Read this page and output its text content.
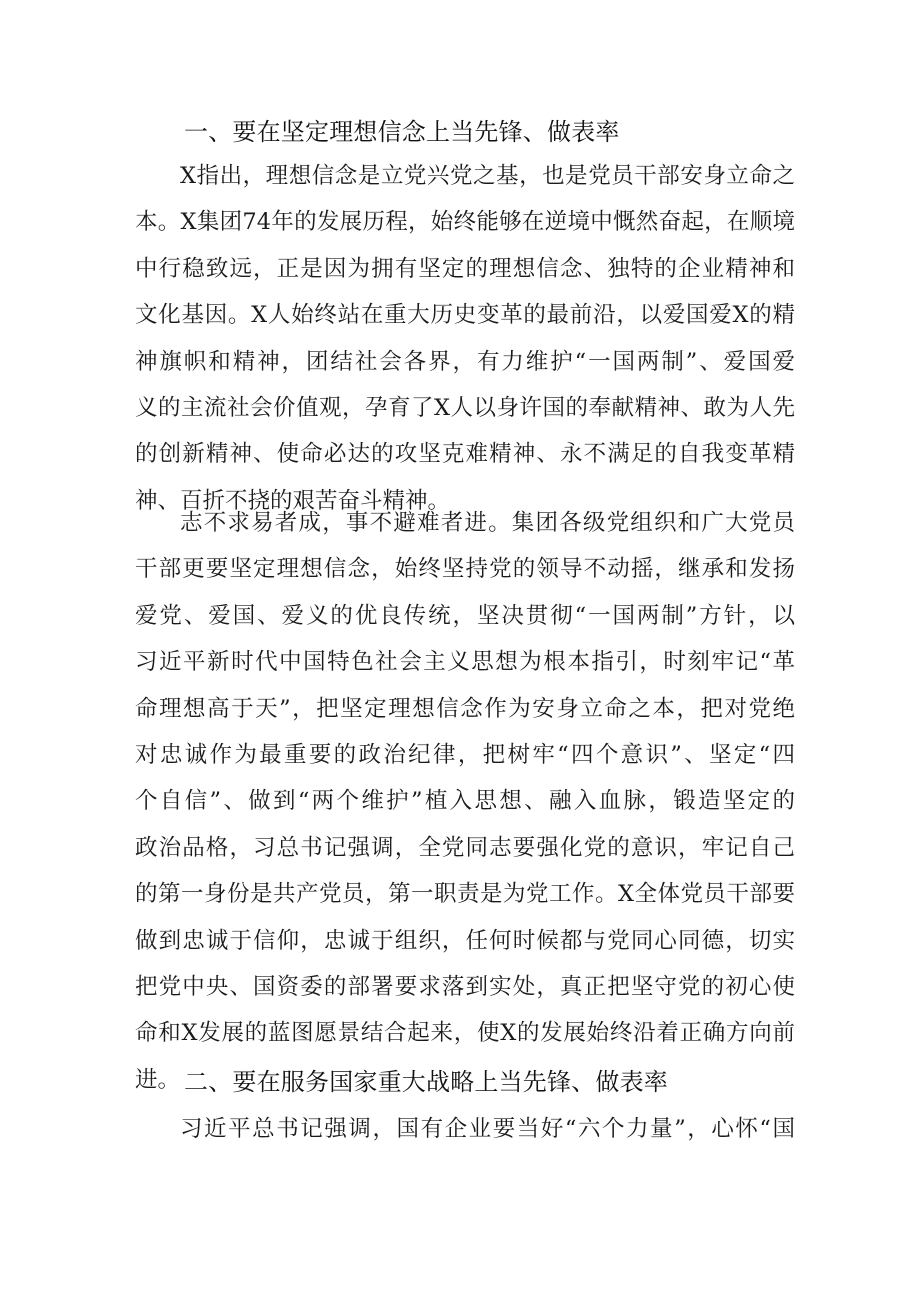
一、要在坚定理想信念上当先锋、做表率
X指出，理想信念是立党兴党之基，也是党员干部安身立命之
本。X集团74年的发展历程，始终能够在逆境中慨然奋起，在顺境
中行稳致远，正是因为拥有坚定的理想信念、独特的企业精神和
文化基因。X人始终站在重大历史变革的最前沿，以爱国爱X的精
神旗帜和精神，团结社会各界，有力维护“一国两制”、爱国爱
义的主流社会价值观，孕育了X人以身许国的奉献精神、敢为人先
的创新精神、使命必达的攻坚克难精神、永不满足的自我变革精
神、百折不挠的艰苦奋斗精神。
志不求易者成，事不避难者进。集团各级党组织和广大党员
干部更要坚定理想信念，始终坚持党的领导不动摇，继承和发扬
爱党、爱国、爱义的优良传统，坚决贯彻“一国两制”方针，以
习近平新时代中国特色社会主义思想为根本指引，时刻牢记“革
命理想高于天”，把坚定理想信念作为安身立命之本，把对党绝
对忠诚作为最重要的政治纪律，把树牢“四个意识”、坚定“四
个自信”、做到“两个维护”植入思想、融入血脉，锻造坚定的
政治品格，习总书记强调，全党同志要强化党的意识，牢记自己
的第一身份是共产党员，第一职责是为党工作。X全体党员干部要
做到忠诚于信仰，忠诚于组织，任何时候都与党同心同德，切实
把党中央、国资委的部署要求落到实处，真正把坚守党的初心使
命和X发展的蓝图愿景结合起来，使X的发展始终沿着正确方向前
进。 二、要在服务国家重大战略上当先锋、做表率
习近平总书记强调，国有企业要当好“六个力量”，心怀“国
